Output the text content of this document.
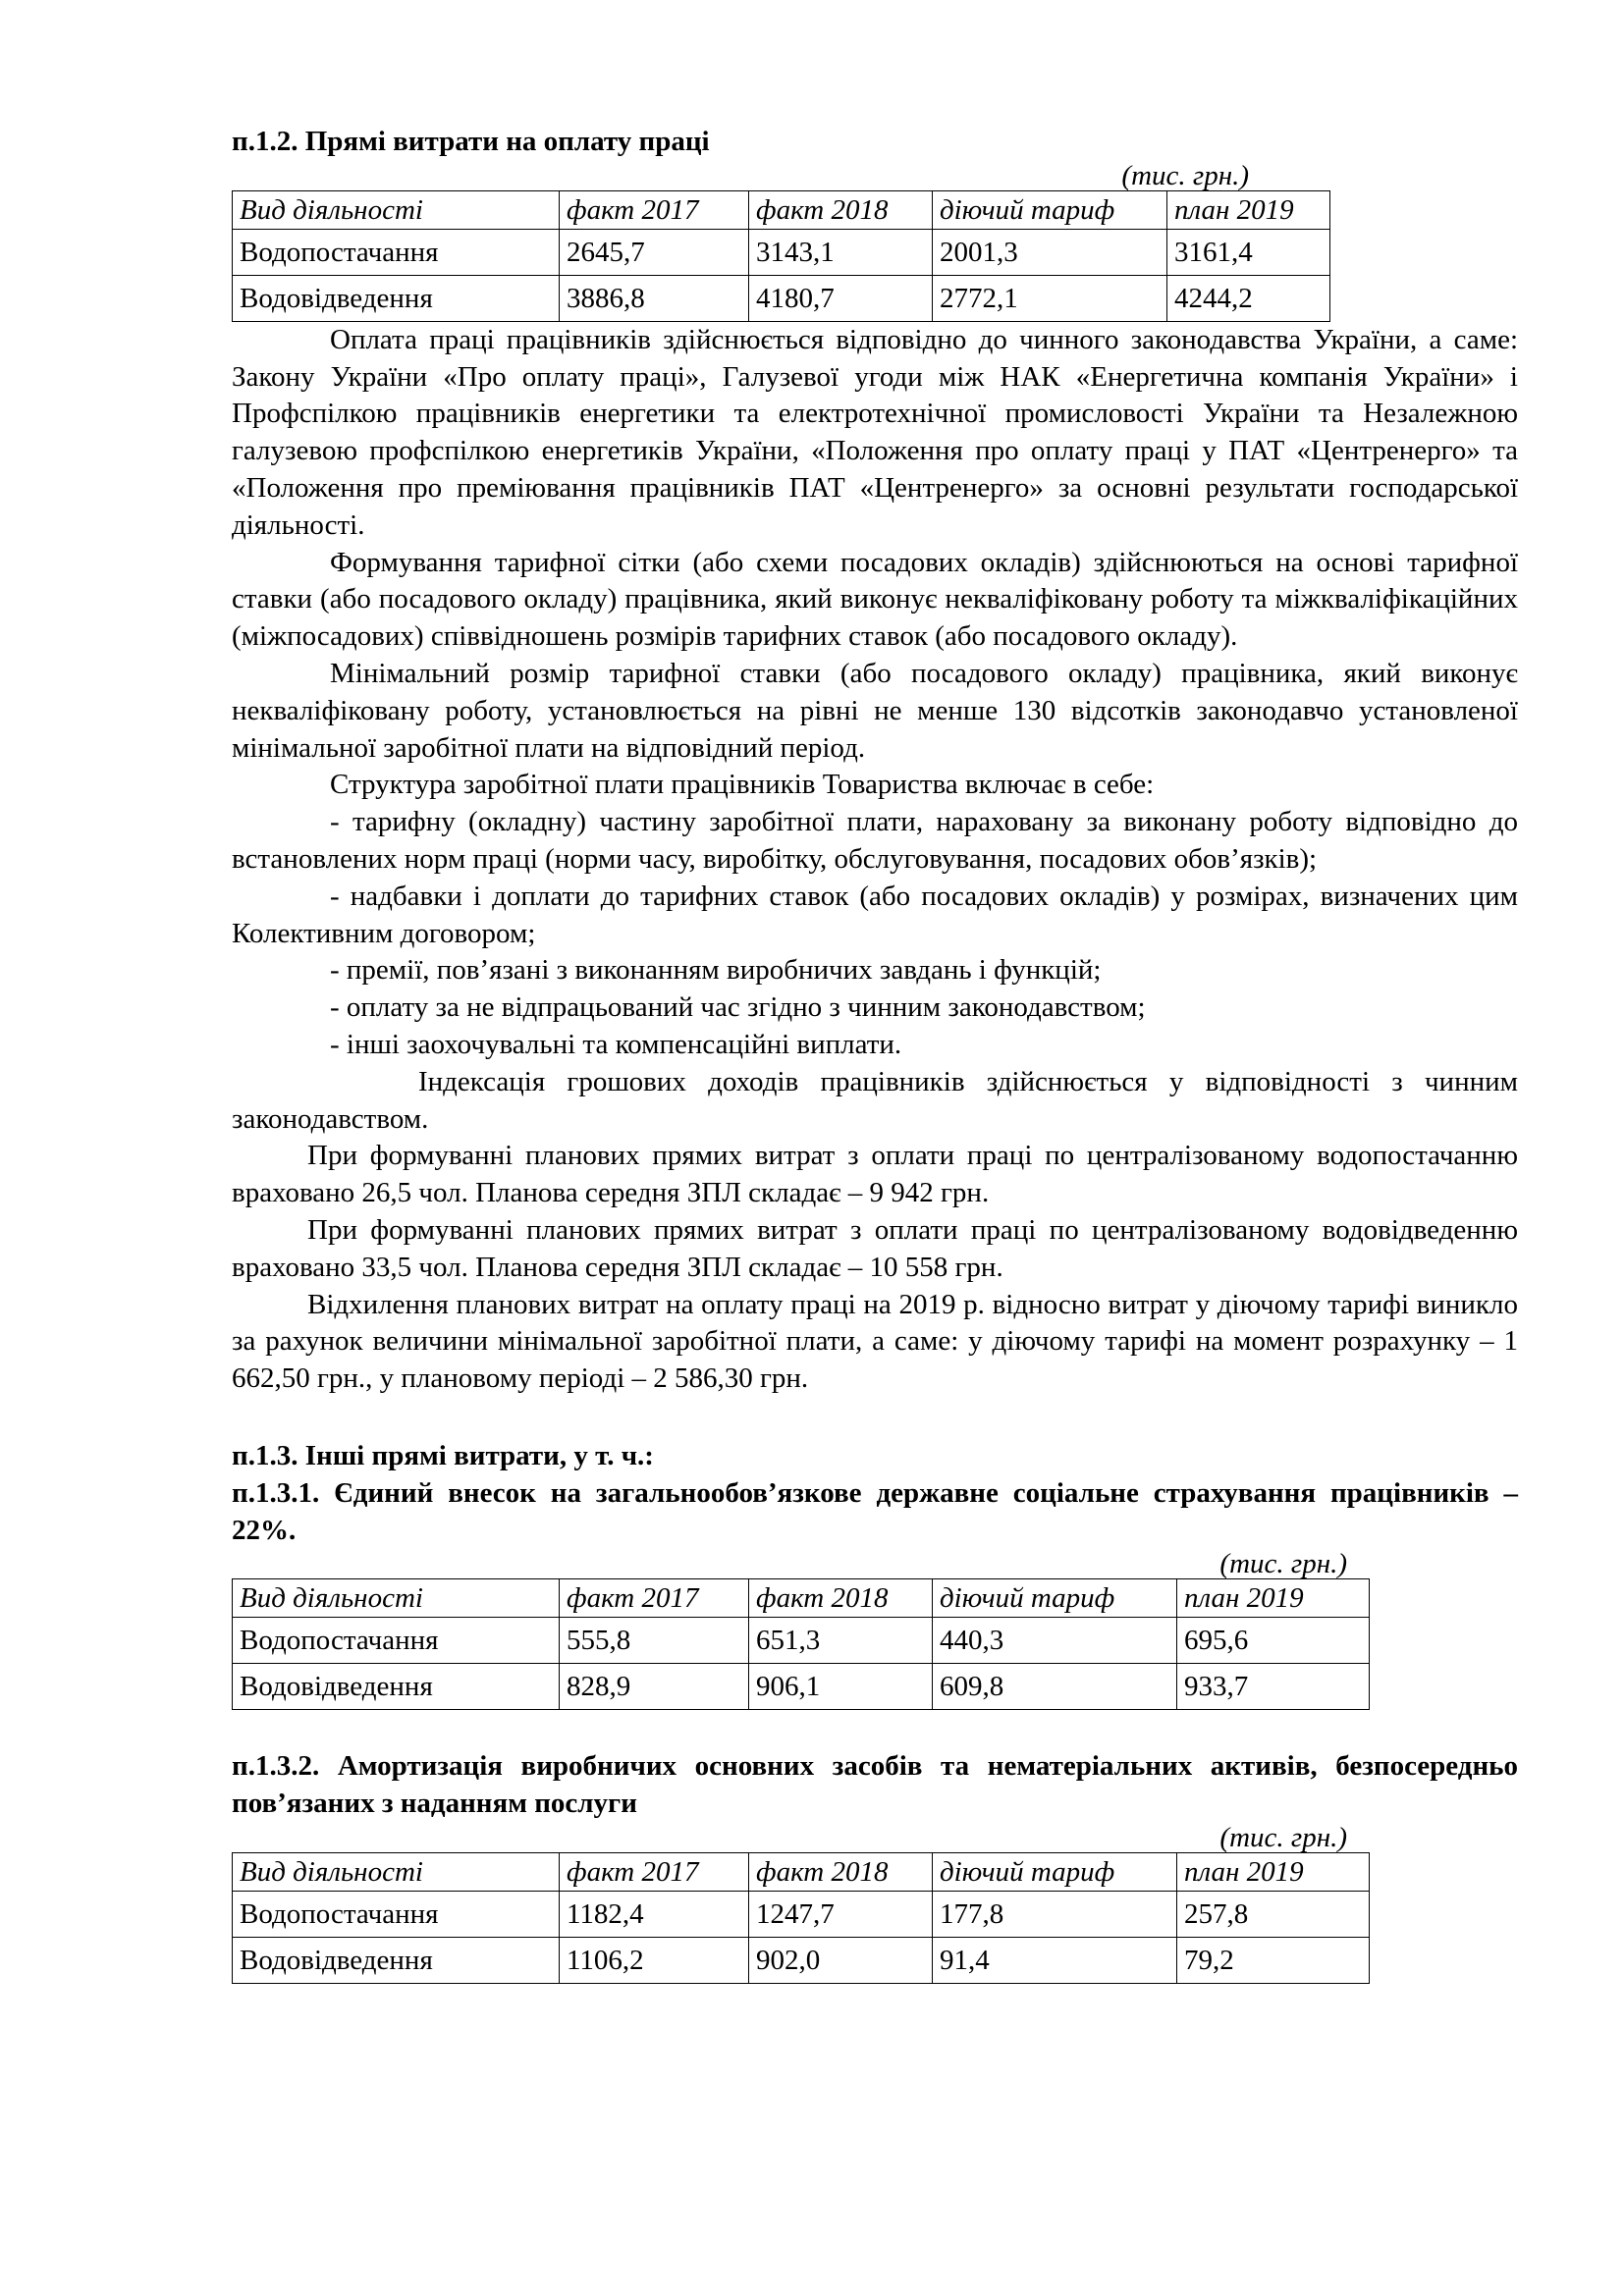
п.1.2. Прямі витрати на оплату праці
(тис. грн.)
Вид діяльності	факт 2017	факт 2018	діючий тариф	план 2019
Водопостачання	2645,7	3143,1	2001,3	3161,4
Водовідведення	3886,8	4180,7	2772,1	4244,2

Оплата праці працівників здійснюється відповідно до чинного законодавства України, а саме: Закону України «Про оплату праці», Галузевої угоди між НАК «Енергетична компанія України» і Профспілкою працівників енергетики та електротехнічної промисловості України та Незалежною галузевою профспілкою енергетиків України, «Положення про оплату праці у ПАТ «Центренерго» та «Положення про преміювання працівників ПАТ «Центренерго» за основні результати господарської діяльності.

Формування тарифної сітки (або схеми посадових окладів) здійснюються на основі тарифної ставки (або посадового окладу) працівника, який виконує некваліфіковану роботу та міжкваліфікаційних (міжпосадових) співвідношень розмірів тарифних ставок (або посадового окладу).

Мінімальний розмір тарифної ставки (або посадового окладу) працівника, який виконує некваліфіковану роботу, установлюється на рівні не менше 130 відсотків законодавчо установленої мінімальної заробітної плати на відповідний період.

Структура заробітної плати працівників Товариства включає в себе:

- тарифну (окладну) частину заробітної плати, нараховану за виконану роботу відповідно до встановлених норм праці (норми часу, виробітку, обслуговування, посадових обов’язків);

- надбавки і доплати до тарифних ставок (або посадових окладів) у розмірах, визначених цим Колективним договором;

- премії, пов’язані з виконанням виробничих завдань і функцій;

- оплату за не відпрацьований час згідно з чинним законодавством;

- інші заохочувальні та компенсаційні виплати.

Індексація грошових доходів працівників здійснюється у відповідності з чинним законодавством.

При формуванні планових прямих витрат з оплати праці по централізованому водопостачанню враховано 26,5 чол. Планова середня ЗПЛ складає – 9 942 грн.

При формуванні планових прямих витрат з оплати праці по централізованому водовідведенню враховано 33,5 чол. Планова середня ЗПЛ складає – 10 558 грн.

Відхилення планових витрат на оплату праці на 2019 р. відносно витрат у діючому тарифі виникло за рахунок величини мінімальної заробітної плати, а саме: у діючому тарифі на момент розрахунку – 1 662,50 грн., у плановому періоді – 2 586,30 грн.

п.1.3. Інші прямі витрати, у т. ч.:
п.1.3.1. Єдиний внесок на загальнообов’язкове державне соціальне страхування працівників – 22%.
(тис. грн.)
Вид діяльності	факт 2017	факт 2018	діючий тариф	план 2019
Водопостачання	555,8	651,3	440,3	695,6
Водовідведення	828,9	906,1	609,8	933,7
п.1.3.2. Амортизація виробничих основних засобів та нематеріальних активів, безпосередньо пов’язаних з наданням послуги
(тис. грн.)
Вид діяльності	факт 2017	факт 2018	діючий тариф	план 2019
Водопостачання	1182,4	1247,7	177,8	257,8
Водовідведення	1106,2	902,0	91,4	79,2
